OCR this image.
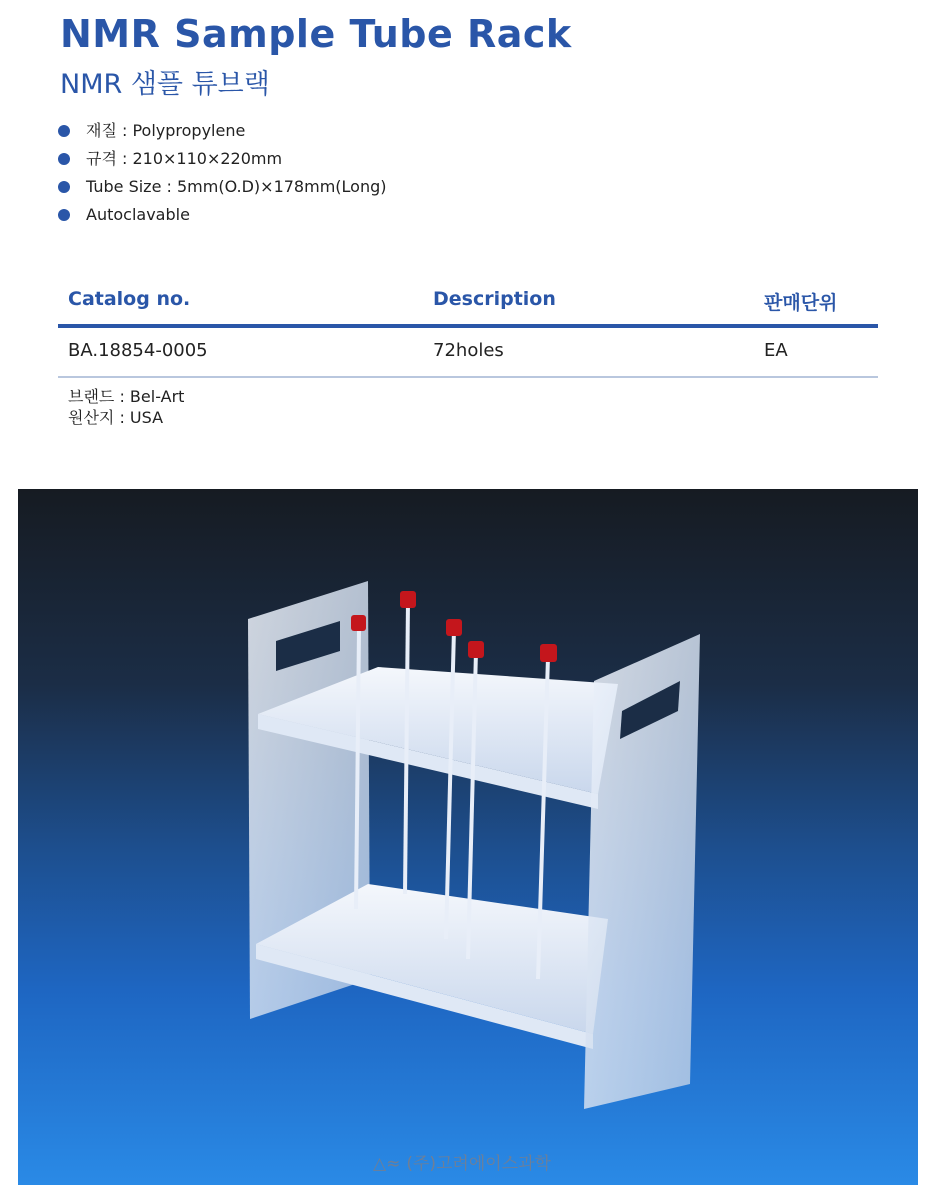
NMR Sample Tube Rack
NMR 샘플 튜브랙
재질 : Polypropylene
규격 : 210×110×220mm
Tube Size : 5mm(O.D)×178mm(Long)
Autoclavable
Catalog no.	Description	판매단위
BA.18854-0005	72holes	EA
브랜드 : Bel-Art
원산지 : USA
△≈ (주)고려에이스과학
